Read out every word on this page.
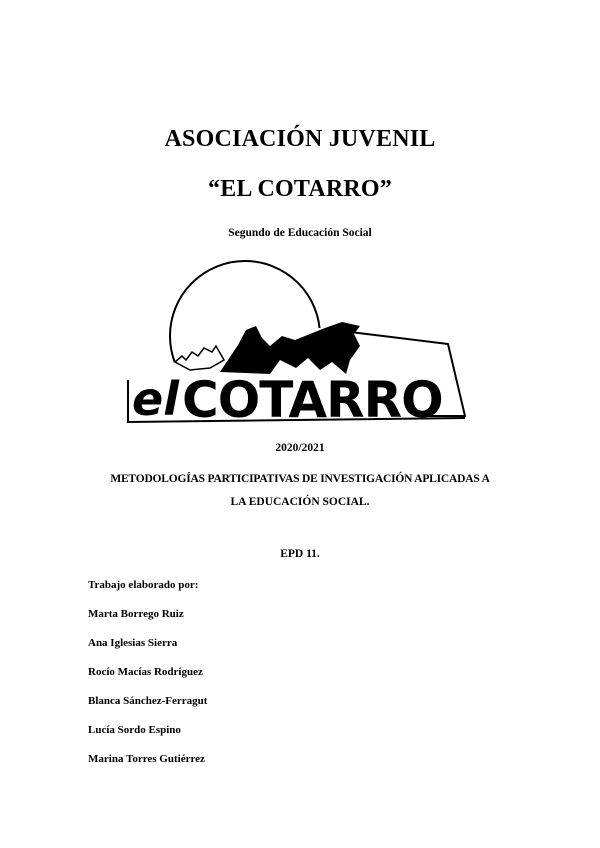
ASOCIACIÓN JUVENIL
“EL COTARRO”
Segundo de Educación Social
el COTARRO
2020/2021
METODOLOGÍAS PARTICIPATIVAS DE INVESTIGACIÓN APLICADAS A
LA EDUCACIÓN SOCIAL.
EPD 11.
Trabajo elaborado por:
Marta Borrego Ruiz
Ana Iglesias Sierra
Rocío Macías Rodríguez
Blanca Sánchez-Ferragut
Lucía Sordo Espino
Marina Torres Gutiérrez
